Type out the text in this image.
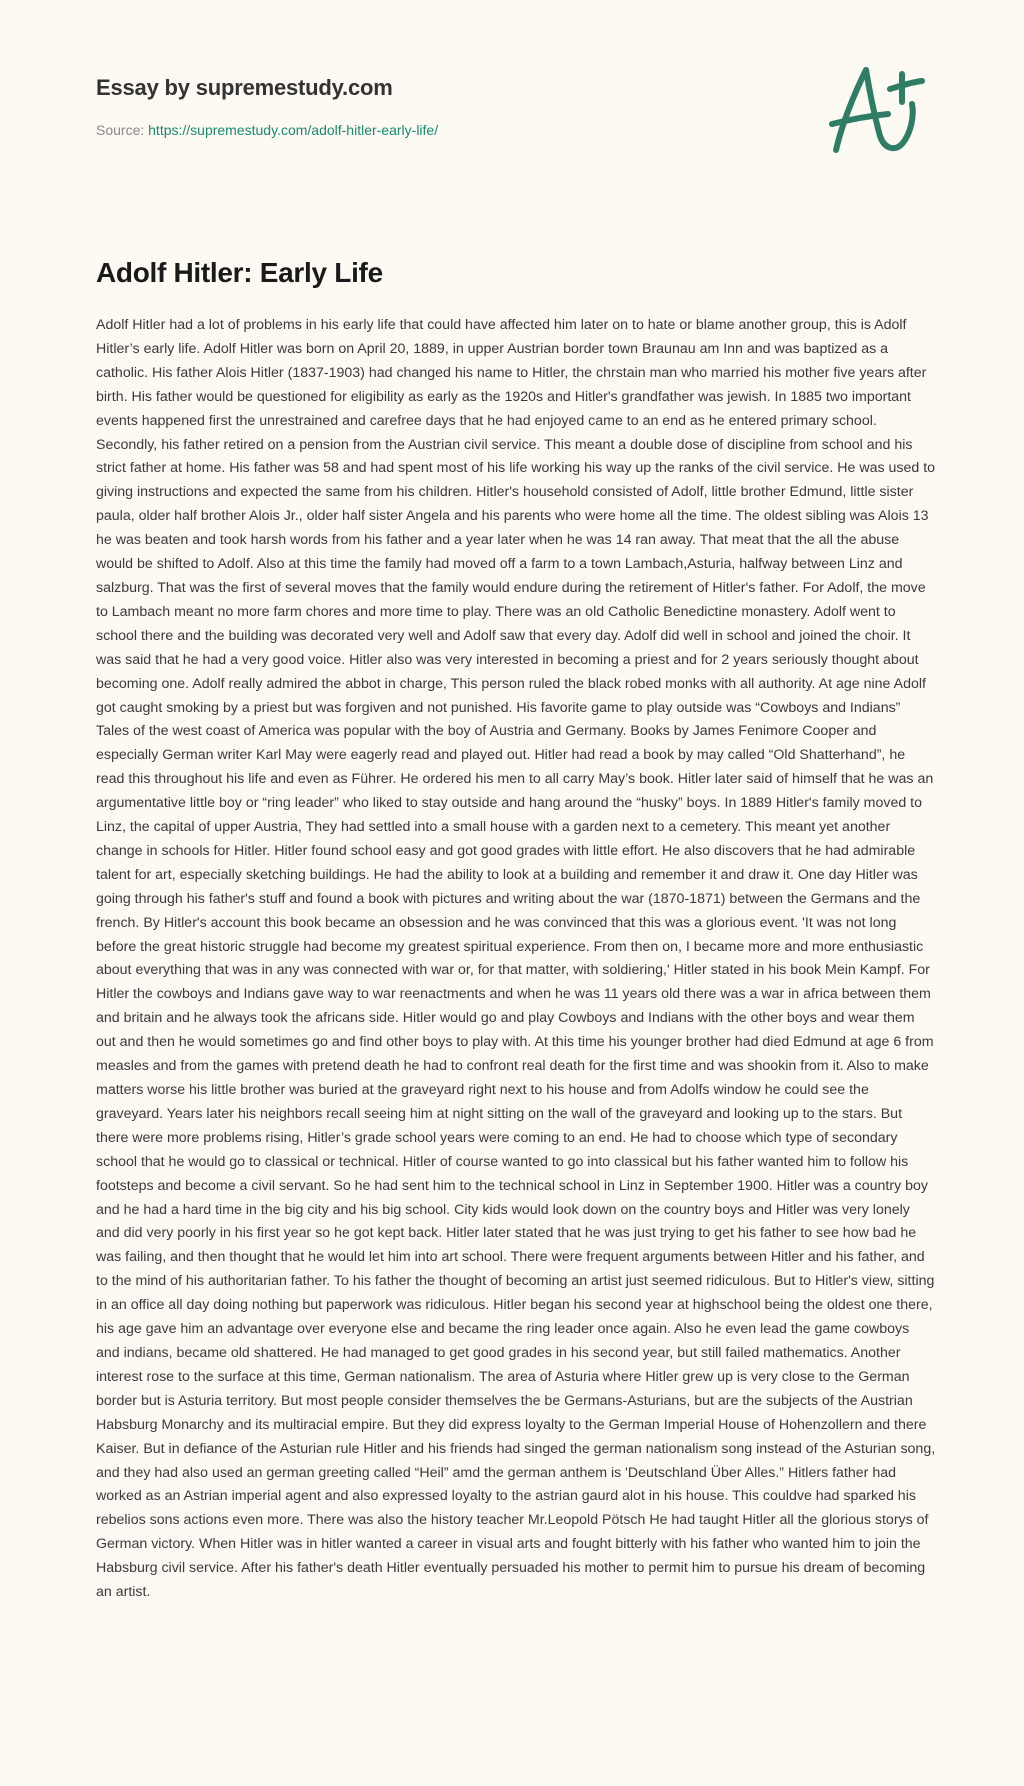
Essay by supremestudy.com
Source: https://supremestudy.com/adolf-hitler-early-life/
Adolf Hitler: Early Life

Adolf Hitler had a lot of problems in his early life that could have affected him later on to hate or blame another group, this is Adolf Hitler’s early life. Adolf Hitler was born on April 20, 1889, in upper Austrian border town Braunau am Inn and was baptized as a catholic. His father Alois Hitler (1837-1903) had changed his name to Hitler, the chrstain man who married his mother five years after birth. His father would be questioned for eligibility as early as the 1920s and Hitler's grandfather was jewish. In 1885 two important events happened first the unrestrained and carefree days that he had enjoyed came to an end as he entered primary school. Secondly, his father retired on a pension from the Austrian civil service. This meant a double dose of discipline from school and his strict father at home. His father was 58 and had spent most of his life working his way up the ranks of the civil service. He was used to giving instructions and expected the same from his children. Hitler's household consisted of Adolf, little brother Edmund, little sister paula, older half brother Alois Jr., older half sister Angela and his parents who were home all the time. The oldest sibling was Alois 13 he was beaten and took harsh words from his father and a year later when he was 14 ran away. That meat that the all the abuse would be shifted to Adolf. Also at this time the family had moved off a farm to a town Lambach,Asturia, halfway between Linz and salzburg. That was the first of several moves that the family would endure during the retirement of Hitler's father. For Adolf, the move to Lambach meant no more farm chores and more time to play. There was an old Catholic Benedictine monastery. Adolf went to school there and the building was decorated very well and Adolf saw that every day. Adolf did well in school and joined the choir. It was said that he had a very good voice. Hitler also was very interested in becoming a priest and for 2 years seriously thought about becoming one. Adolf really admired the abbot in charge, This person ruled the black robed monks with all authority. At age nine Adolf got caught smoking by a priest but was forgiven and not punished. His favorite game to play outside was “Cowboys and Indians” Tales of the west coast of America was popular with the boy of Austria and Germany. Books by James Fenimore Cooper and especially German writer Karl May were eagerly read and played out. Hitler had read a book by may called “Old Shatterhand”, he read this throughout his life and even as Führer. He ordered his men to all carry May’s book. Hitler later said of himself that he was an argumentative little boy or “ring leader” who liked to stay outside and hang around the “husky” boys. In 1889 Hitler's family moved to Linz, the capital of upper Austria, They had settled into a small house with a garden next to a cemetery. This meant yet another change in schools for Hitler. Hitler found school easy and got good grades with little effort. He also discovers that he had admirable talent for art, especially sketching buildings. He had the ability to look at a building and remember it and draw it. One day Hitler was going through his father's stuff and found a book with pictures and writing about the war (1870-1871) between the Germans and the french. By Hitler's account this book became an obsession and he was convinced that this was a glorious event. 'It was not long before the great historic struggle had become my greatest spiritual experience. From then on, I became more and more enthusiastic about everything that was in any was connected with war or, for that matter, with soldiering,' Hitler stated in his book Mein Kampf. For Hitler the cowboys and Indians gave way to war reenactments and when he was 11 years old there was a war in africa between them and britain and he always took the africans side. Hitler would go and play Cowboys and Indians with the other boys and wear them out and then he would sometimes go and find other boys to play with. At this time his younger brother had died Edmund at age 6 from measles and from the games with pretend death he had to confront real death for the first time and was shookin from it. Also to make matters worse his little brother was buried at the graveyard right next to his house and from Adolfs window he could see the graveyard. Years later his neighbors recall seeing him at night sitting on the wall of the graveyard and looking up to the stars. But there were more problems rising, Hitler’s grade school years were coming to an end. He had to choose which type of secondary school that he would go to classical or technical. Hitler of course wanted to go into classical but his father wanted him to follow his footsteps and become a civil servant. So he had sent him to the technical school in Linz in September 1900. Hitler was a country boy and he had a hard time in the big city and his big school. City kids would look down on the country boys and Hitler was very lonely and did very poorly in his first year so he got kept back. Hitler later stated that he was just trying to get his father to see how bad he was failing, and then thought that he would let him into art school. There were frequent arguments between Hitler and his father, and to the mind of his authoritarian father. To his father the thought of becoming an artist just seemed ridiculous. But to Hitler's view, sitting in an office all day doing nothing but paperwork was ridiculous. Hitler began his second year at highschool being the oldest one there, his age gave him an advantage over everyone else and became the ring leader once again. Also he even lead the game cowboys and indians, became old shattered. He had managed to get good grades in his second year, but still failed mathematics. Another interest rose to the surface at this time, German nationalism. The area of Asturia where Hitler grew up is very close to the German border but is Asturia territory. But most people consider themselves the be Germans-Asturians, but are the subjects of the Austrian Habsburg Monarchy and its multiracial empire. But they did express loyalty to the German Imperial House of Hohenzollern and there Kaiser. But in defiance of the Asturian rule Hitler and his friends had singed the german nationalism song instead of the Asturian song, and they had also used an german greeting called “Heil” amd the german anthem is 'Deutschland Über Alles.” Hitlers father had worked as an Astrian imperial agent and also expressed loyalty to the astrian gaurd alot in his house. This couldve had sparked his rebelios sons actions even more. There was also the history teacher Mr.Leopold Pötsch He had taught Hitler all the glorious storys of German victory. When Hitler was in hitler wanted a career in visual arts and fought bitterly with his father who wanted him to join the Habsburg civil service. After his father's death Hitler eventually persuaded his mother to permit him to pursue his dream of becoming an artist.
